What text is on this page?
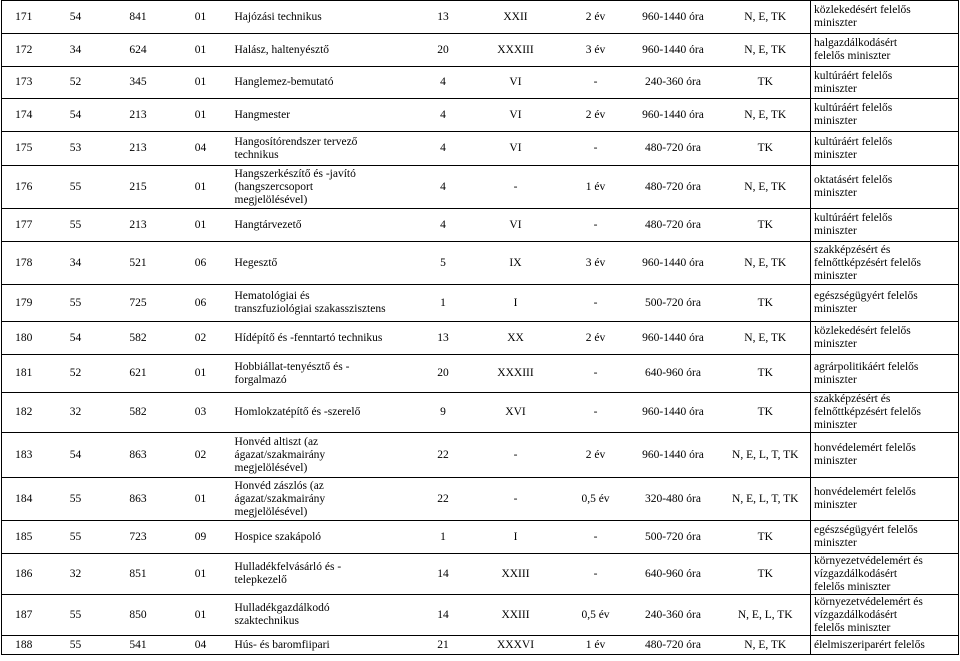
171	54	841	01	Hajózási technikus	13	XXII	2 év	960-1440 óra	N, E, TK	közlekedésért felelős
miniszter
172	34	624	01	Halász, haltenyésztő	20	XXXIII	3 év	960-1440 óra	N, E, TK	halgazdálkodásért
felelős miniszter
173	52	345	01	Hanglemez-bemutató	4	VI	-	240-360 óra	TK	kultúráért felelős
miniszter
174	54	213	01	Hangmester	4	VI	2 év	960-1440 óra	N, E, TK	kultúráért felelős
miniszter
175	53	213	04	Hangosítórendszer tervező
technikus	4	VI	-	480-720 óra	TK	kultúráért felelős
miniszter
176	55	215	01	Hangszerkészítő és -javító
(hangszercsoport
megjelölésével)	4	-	1 év	480-720 óra	N, E, TK	oktatásért felelős
miniszter
177	55	213	01	Hangtárvezető	4	VI	-	480-720 óra	TK	kultúráért felelős
miniszter
178	34	521	06	Hegesztő	5	IX	3 év	960-1440 óra	N, E, TK	szakképzésért és
felnőttképzésért felelős
miniszter
179	55	725	06	Hematológiai és
transzfuziológiai szakasszisztens	1	I	-	500-720 óra	TK	egészségügyért felelős
miniszter
180	54	582	02	Hídépítő és -fenntartó technikus	13	XX	2 év	960-1440 óra	N, E, TK	közlekedésért felelős
miniszter
181	52	621	01	Hobbiállat-tenyésztő és -
forgalmazó	20	XXXIII	-	640-960 óra	TK	agrárpolitikáért felelős
miniszter
182	32	582	03	Homlokzatépítő és -szerelő	9	XVI	-	960-1440 óra	TK	szakképzésért és
felnőttképzésért felelős
miniszter
183	54	863	02	Honvéd altiszt (az
ágazat/szakmairány
megjelölésével)	22	-	2 év	960-1440 óra	N, E, L, T, TK	honvédelemért felelős
miniszter
184	55	863	01	Honvéd zászlós (az
ágazat/szakmairány
megjelölésével)	22	-	0,5 év	320-480 óra	N, E, L, T, TK	honvédelemért felelős
miniszter
185	55	723	09	Hospice szakápoló	1	I	-	500-720 óra	TK	egészségügyért felelős
miniszter
186	32	851	01	Hulladékfelvásárló és -
telepkezelő	14	XXIII	-	640-960 óra	TK	környezetvédelemért és
vízgazdálkodásért
felelős miniszter
187	55	850	01	Hulladékgazdálkodó
szaktechnikus	14	XXIII	0,5 év	240-360 óra	N, E, L, TK	környezetvédelemért és
vízgazdálkodásért
felelős miniszter
188	55	541	04	Hús- és baromfiipari	21	XXXVI	1 év	480-720 óra	N, E, TK	élelmiszeriparért felelős
